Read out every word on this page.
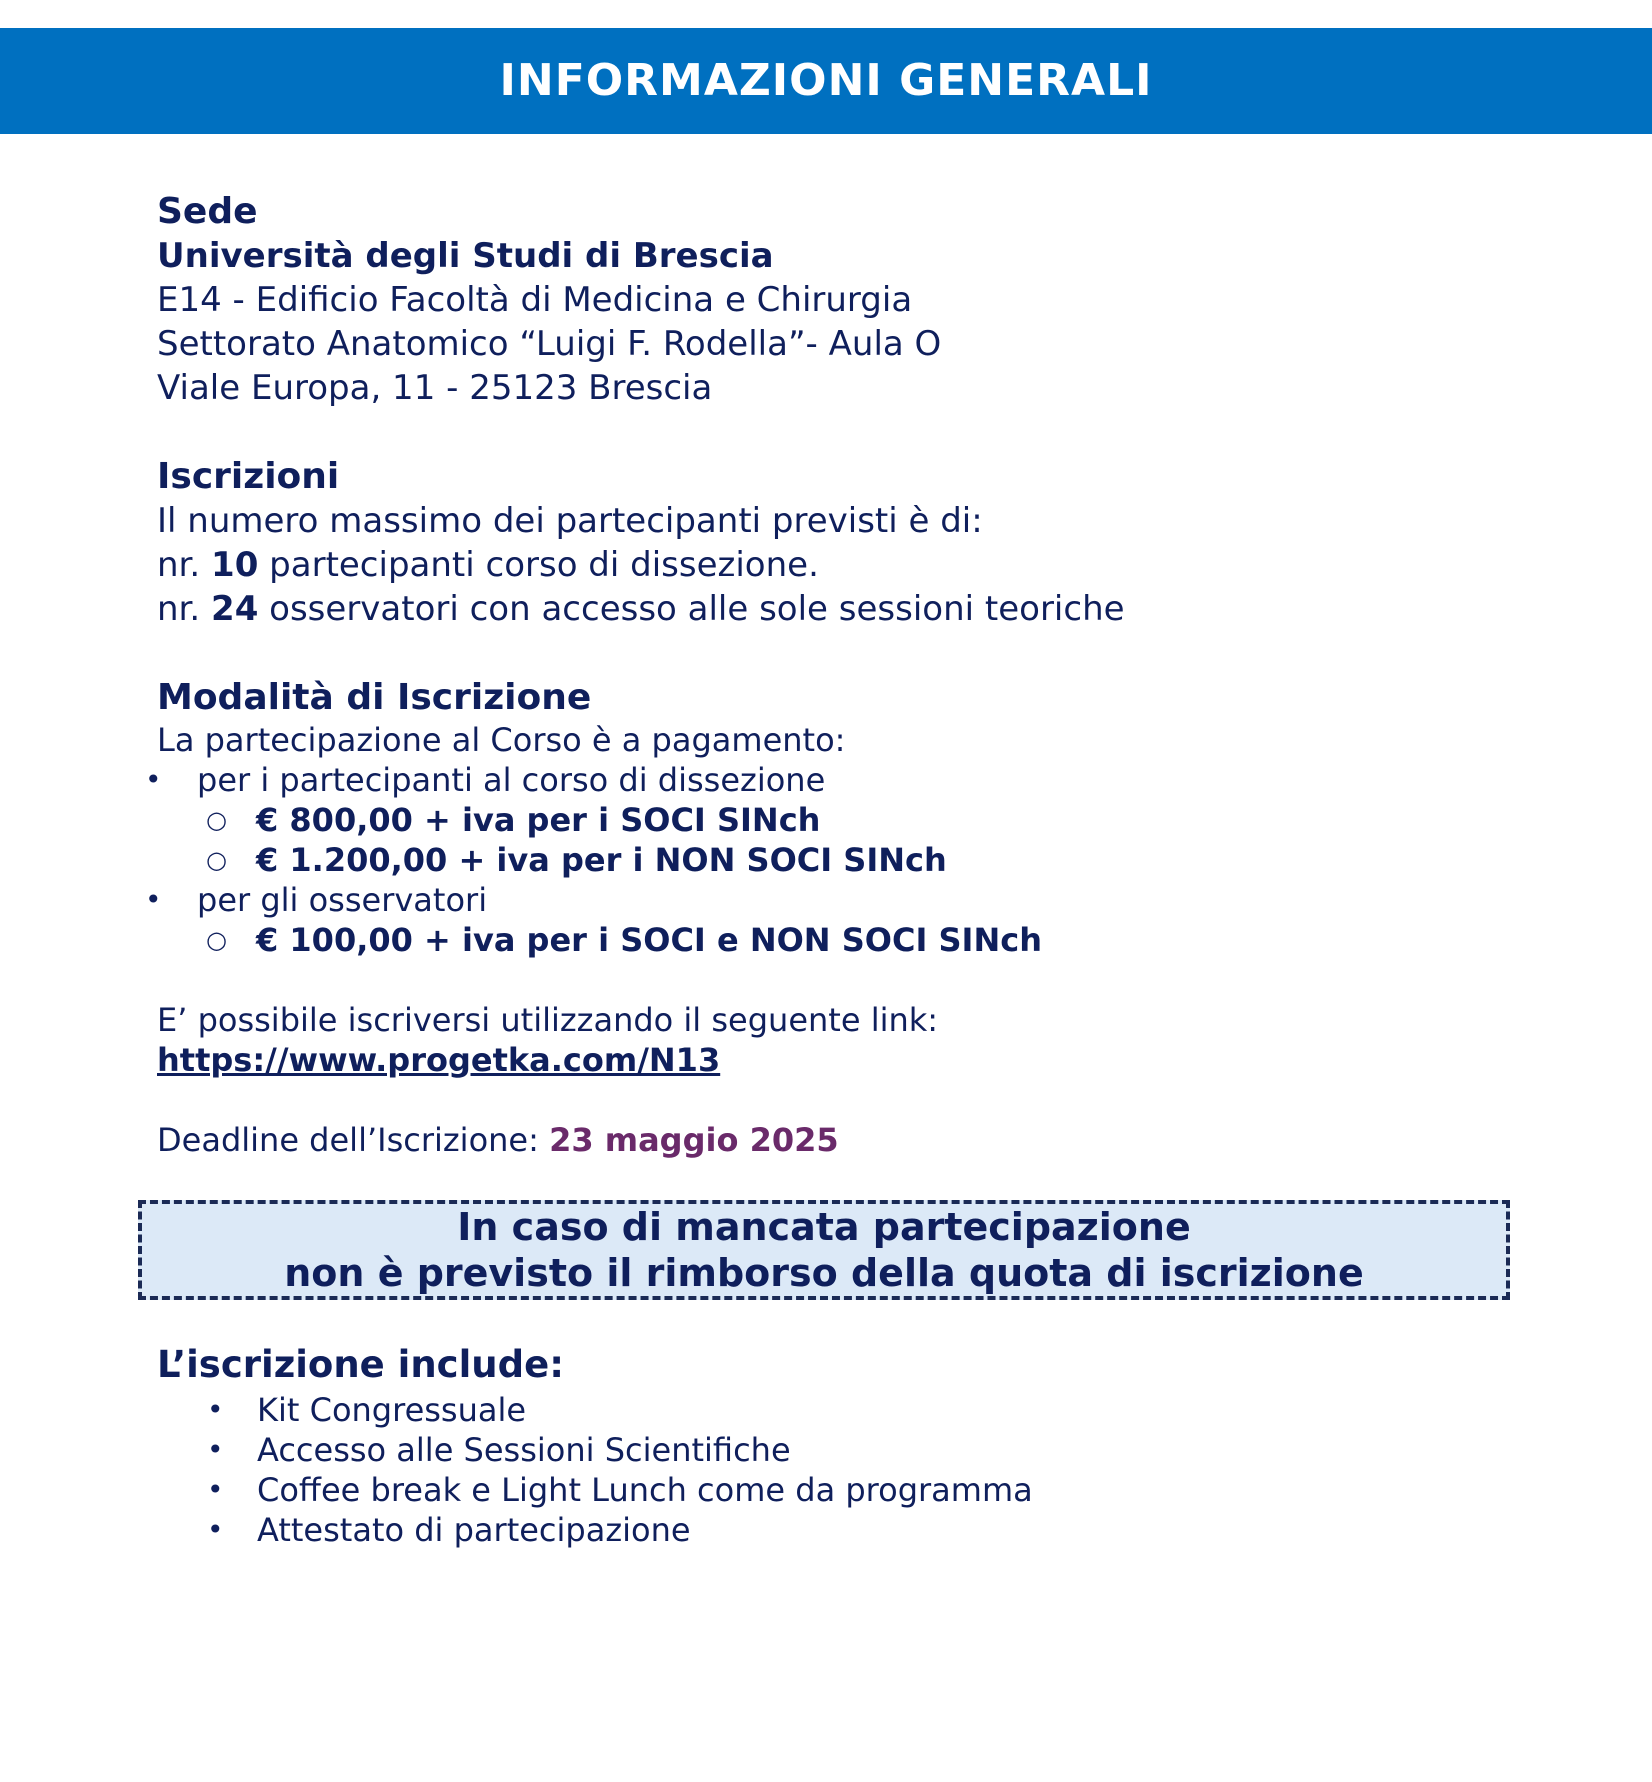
INFORMAZIONI GENERALI
Sede
Università degli Studi di Brescia
E14 - Edificio Facoltà di Medicina e Chirurgia
Settorato Anatomico “Luigi F. Rodella”- Aula O
Viale Europa, 11 - 25123 Brescia
Iscrizioni
Il numero massimo dei partecipanti previsti è di:
nr. 10 partecipanti corso di dissezione.
nr. 24 osservatori con accesso alle sole sessioni teoriche
Modalità di Iscrizione
La partecipazione al Corso è a pagamento:
• per i partecipanti al corso di dissezione
○ € 800,00 + iva per i SOCI SINch
○ € 1.200,00 + iva per i NON SOCI SINch
• per gli osservatori
○ € 100,00 + iva per i SOCI e NON SOCI SINch
E’ possibile iscriversi utilizzando il seguente link:
https://www.progetka.com/N13
Deadline dell’Iscrizione: 23 maggio 2025
In caso di mancata partecipazione
non è previsto il rimborso della quota di iscrizione
L’iscrizione include:
• Kit Congressuale
• Accesso alle Sessioni Scientifiche
• Coffee break e Light Lunch come da programma
• Attestato di partecipazione
